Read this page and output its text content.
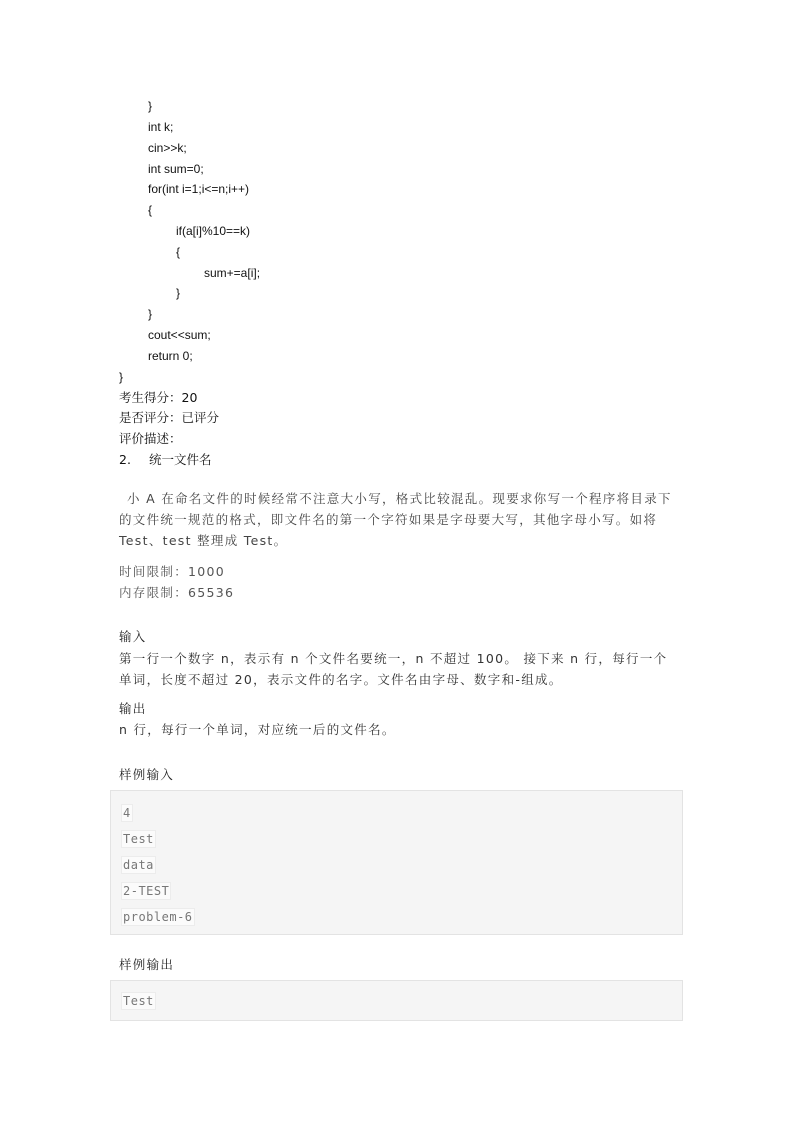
}
int k;
cin>>k;
int sum=0;
for(int i=1;i<=n;i++)
{
if(a[i]%10==k)
{
sum+=a[i];
}
}
cout<<sum;
return 0;
}
考生得分：20
是否评分：已评分
评价描述：
2. 统一文件名
小 A 在命名文件的时候经常不注意大小写，格式比较混乱。现要求你写一个程序将目录下的文件统一规范的格式，即文件名的第一个字符如果是字母要大写，其他字母小写。如将 Test、test 整理成 Test。
时间限制：1000
内存限制：65536
输入
第一行一个数字 n，表示有 n 个文件名要统一，n 不超过 100。 接下来 n 行，每行一个单词，长度不超过 20，表示文件的名字。文件名由字母、数字和-组成。
输出
n 行，每行一个单词，对应统一后的文件名。
样例输入
4
Test
data
2-TEST
problem-6
样例输出
Test
